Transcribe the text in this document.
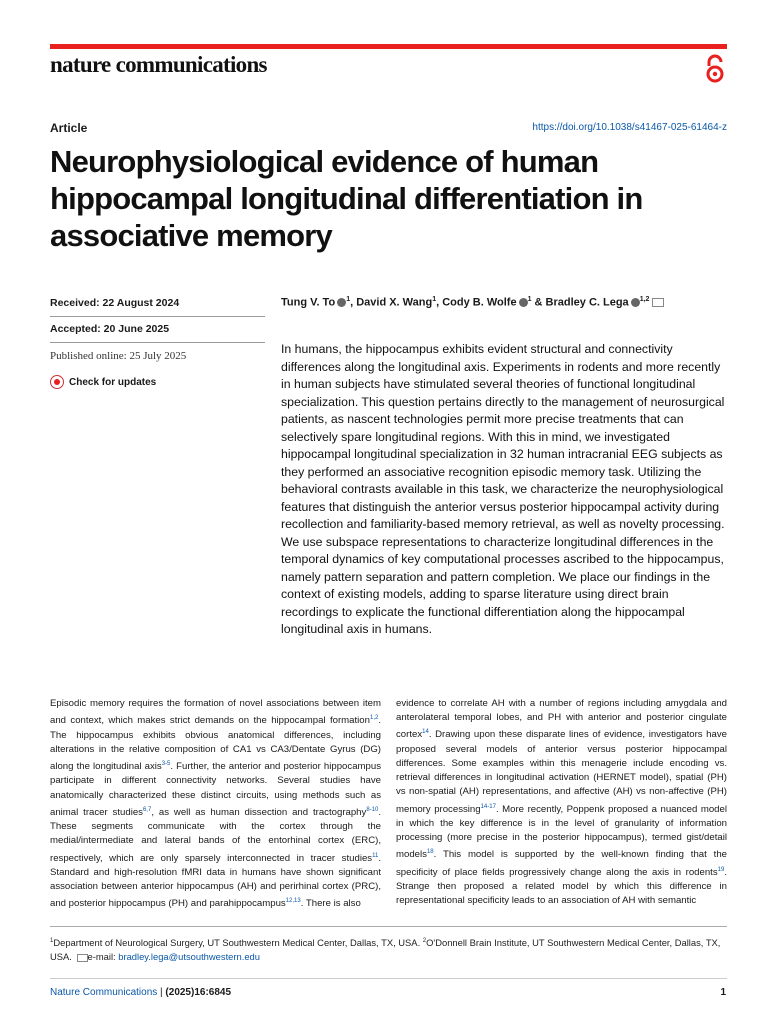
nature communications
Article	https://doi.org/10.1038/s41467-025-61464-z
Neurophysiological evidence of human hippocampal longitudinal differentiation in associative memory
Received: 22 August 2024
Accepted: 20 June 2025
Published online: 25 July 2025
Check for updates
Tung V. To $^1$, David X. Wang$^1$, Cody B. Wolfe $^1$ & Bradley C. Lega $^{1,2}$
In humans, the hippocampus exhibits evident structural and connectivity differences along the longitudinal axis. Experiments in rodents and more recently in human subjects have stimulated several theories of functional longitudinal specialization. This question pertains directly to the management of neurosurgical patients, as nascent technologies permit more precise treatments that can selectively spare longitudinal regions. With this in mind, we investigated hippocampal longitudinal specialization in 32 human intracranial EEG subjects as they performed an associative recognition episodic memory task. Utilizing the behavioral contrasts available in this task, we characterize the neurophysiological features that distinguish the anterior versus posterior hippocampal activity during recollection and familiarity-based memory retrieval, as well as novelty processing. We use subspace representations to characterize longitudinal differences in the temporal dynamics of key computational processes ascribed to the hippocampus, namely pattern separation and pattern completion. We place our findings in the context of existing models, adding to sparse literature using direct brain recordings to explicate the functional differentiation along the hippocampal longitudinal axis in humans.
Episodic memory requires the formation of novel associations between item and context, which makes strict demands on the hippocampal formation$^{1,2}$. The hippocampus exhibits obvious anatomical differences, including alterations in the relative composition of CA1 vs CA3/Dentate Gyrus (DG) along the longitudinal axis$^{3-5}$. Further, the anterior and posterior hippocampus participate in different connectivity networks. Several studies have anatomically characterized these distinct circuits, using methods such as animal tracer studies$^{6,7}$, as well as human dissection and tractography$^{8-10}$. These segments communicate with the cortex through the medial/intermediate and lateral bands of the entorhinal cortex (ERC), respectively, which are only sparsely interconnected in tracer studies$^{11}$. Standard and high-resolution fMRI data in humans have shown significant association between anterior hippocampus (AH) and perirhinal cortex (PRC), and posterior hippocampus (PH) and parahippocampus$^{12,13}$. There is also
evidence to correlate AH with a number of regions including amygdala and anterolateral temporal lobes, and PH with anterior and posterior cingulate cortex$^{14}$. Drawing upon these disparate lines of evidence, investigators have proposed several models of anterior versus posterior hippocampal differences. Some examples within this menagerie include encoding vs. retrieval differences in longitudinal activation (HERNET model), spatial (PH) vs non-spatial (AH) representations, and affective (AH) vs non-affective (PH) memory processing$^{14-17}$. More recently, Poppenk proposed a nuanced model in which the key difference is in the level of granularity of information processing (more precise in the posterior hippocampus), termed gist/detail models$^{18}$. This model is supported by the well-known finding that the specificity of place fields progressively change along the axis in rodents$^{19}$. Strange then proposed a related model by which this difference in representational specificity leads to an association of AH with semantic
$^1$Department of Neurological Surgery, UT Southwestern Medical Center, Dallas, TX, USA. $^2$O'Donnell Brain Institute, UT Southwestern Medical Center, Dallas, TX, USA. e-mail: bradley.lega@utsouthwestern.edu
Nature Communications | (2025)16:6845	1
